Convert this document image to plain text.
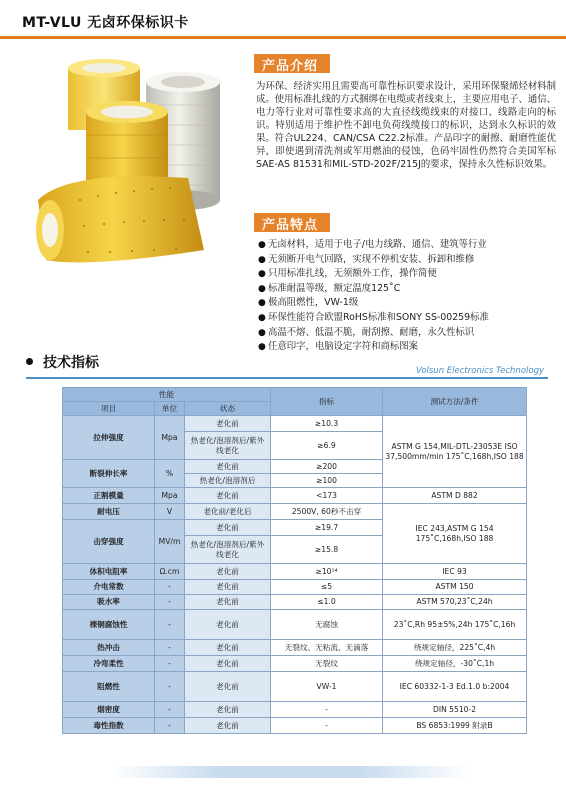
MT-VLU 无卤环保标识卡
产品介绍

为环保、经济实用且需要高可靠性标识要求设计，采用环保聚烯烃材料制成。使用标准扎线的方式捆绑在电缆或者线束上，主要应用电子、通信、电力等行业对可靠性要求高的大直径线缆线束的对接口、线路走向的标识。特别适用于维护性不卸电负荷线缆接口的标识，达到永久标识的效果。符合UL224、CAN/CSA C22.2标准。产品印字的耐擦、耐磨性能优异，即使遇到清洗剂或军用燃油的侵蚀，色码牢固性仍然符合美国军标SAE-AS 81531和MIL-STD-202F/215J的要求，保持永久性标识效果。

产品特点
● 无卤材料，适用于电子/电力线路、通信、建筑等行业
● 无须断开电气回路，实现不停机安装、拆卸和维修
● 只用标准扎线，无须额外工作，操作简便
● 标准耐温等级，额定温度125˚C
● 极高阻燃性，VW-1级
● 环保性能符合欧盟RoHS标准和SONY SS-00259标准
● 高温不熔、低温不脆，耐刮擦、耐磨，永久性标识
● 任意印字，电脑设定字符和商标图案
技术指标	Volsun Electronics Technology
性能			指标	测试方法/条件
项目	单位	状态		
拉伸强度	Mpa	老化前	≥10.3	ASTM G 154,MIL-DTL-23053E ISO 37,500mm/min 175˚C,168h,ISO 188
		热老化/泡溶剂后/紫外线老化	≥6.9	
断裂伸长率	%	老化前	≥200	
		热老化/泡溶剂后	≥100	
正割模量	Mpa	老化前	<173	ASTM D 882
耐电压	V	老化前/老化后	2500V, 60秒不击穿	IEC 243,ASTM G 154 175˚C,168h,ISO 188
击穿强度	MV/m	老化前	≥19.7	
		热老化/泡溶剂后/紫外线老化	≥15.8	
体积电阻率	Ω.cm	老化前	≥10¹⁴	IEC 93
介电常数	-	老化前	≤5	ASTM 150
吸水率	-	老化前	≤1.0	ASTM 570,23˚C,24h
裸铜腐蚀性	-	老化前	无腐蚀	23˚C,Rh 95±5%,24h 175˚C,16h
热冲击	-	老化前	无裂纹、无粘流、无滴落	绕规定轴径，225˚C,4h
冷弯柔性	-	老化前	无裂纹	绕规定轴径，-30˚C,1h
阻燃性	-	老化前	VW-1	IEC 60332-1-3 Ed.1.0 b:2004
烟密度	-	老化前	-	DIN 5510-2
毒性指数	-	老化前	-	BS 6853:1999 附录B
